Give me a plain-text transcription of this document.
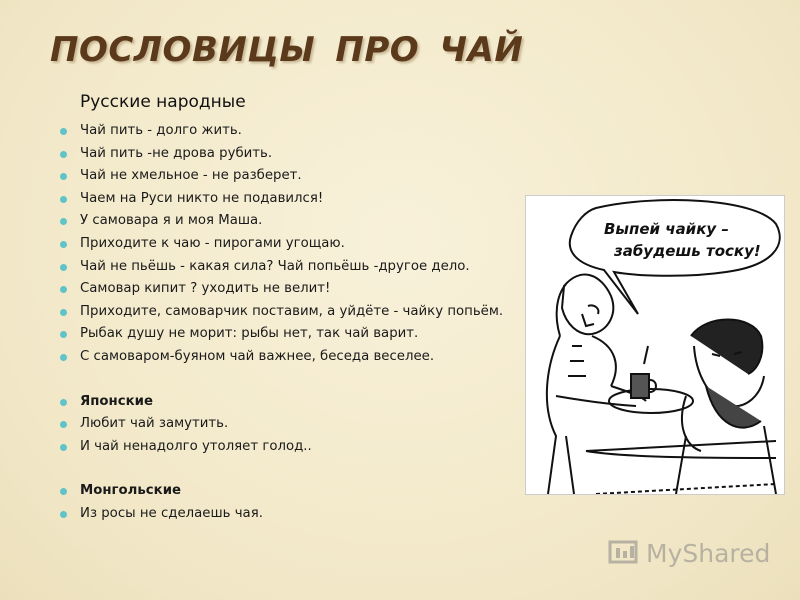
ПОСЛОВИЦЫ ПРО ЧАЙ
Русские народные
Чай пить - долго жить.
Чай пить -не дрова рубить.
Чай не хмельное - не разберет.
Чаем на Руси никто не подавился!
У самовара я и моя Маша.
Приходите к чаю - пирогами угощаю.
Чай не пьёшь - какая сила? Чай попьёшь -другое дело.
Самовар кипит ? уходить не велит!
Приходите, самоварчик поставим, а уйдёте - чайку попьём.
Рыбак душу не морит: рыбы нет, так чай варит.
С самоваром-буяном чай важнее, беседа веселее.
Японские
Любит чай замутить.
И чай ненадолго утоляет голод..
Монгольские
Из росы не сделаешь чая.
Выпей чайку –
забудешь тоску!
MyShared
